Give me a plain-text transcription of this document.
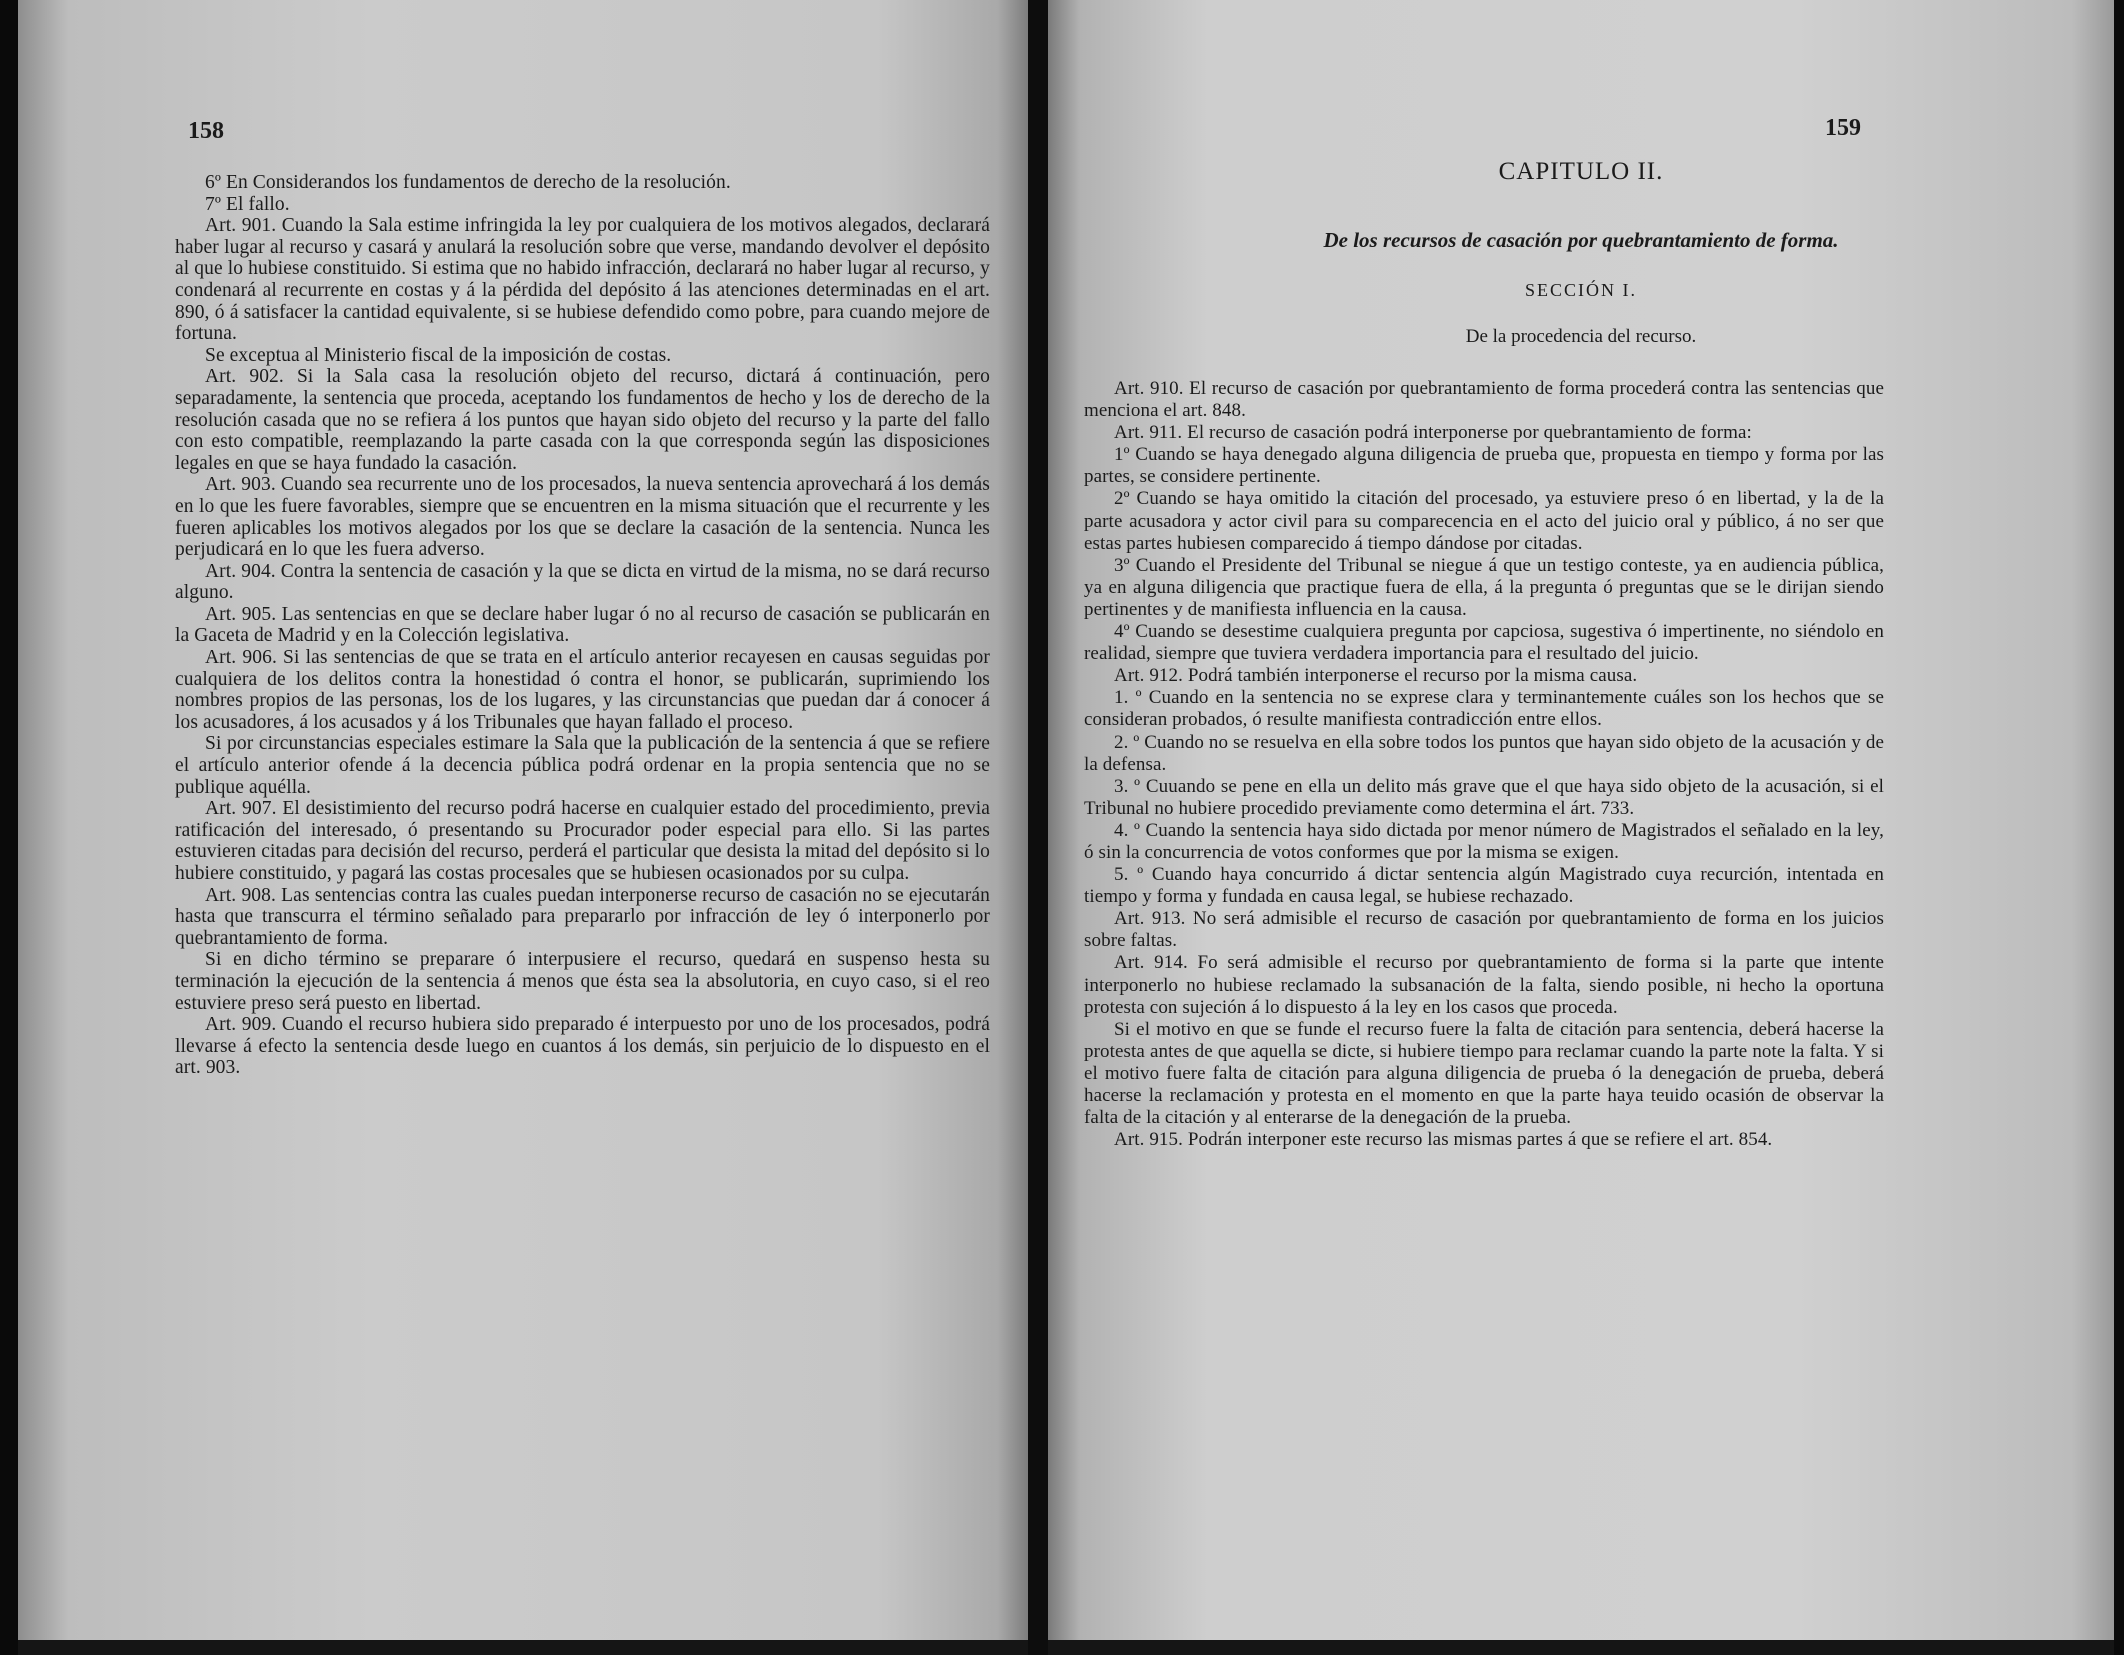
158

6º En Considerandos los fundamentos de derecho de la resolución.

7º El fallo.

Art. 901. Cuando la Sala estime infringida la ley por cualquiera de los motivos alegados, declarará haber lugar al recurso y casará y anulará la resolución sobre que verse, mandando devolver el depósito al que lo hubiese constituido. Si estima que no habido infracción, declarará no haber lugar al recurso, y condenará al recurrente en costas y á la pérdida del depósito á las atenciones determinadas en el art. 890, ó á satisfacer la cantidad equivalente, si se hubiese defendido como pobre, para cuando mejore de fortuna.

Se exceptua al Ministerio fiscal de la imposición de costas.

Art. 902. Si la Sala casa la resolución objeto del recurso, dictará á continuación, pero separadamente, la sentencia que proceda, aceptando los fundamentos de hecho y los de derecho de la resolución casada que no se refiera á los puntos que hayan sido objeto del recurso y la parte del fallo con esto compatible, reemplazando la parte casada con la que corresponda según las disposiciones legales en que se haya fundado la casación.

Art. 903. Cuando sea recurrente uno de los procesados, la nueva sentencia aprovechará á los demás en lo que les fuere favorables, siempre que se encuentren en la misma situación que el recurrente y les fueren aplicables los motivos alegados por los que se declare la casación de la sentencia. Nunca les perjudicará en lo que les fuera adverso.

Art. 904. Contra la sentencia de casación y la que se dicta en virtud de la misma, no se dará recurso alguno.

Art. 905. Las sentencias en que se declare haber lugar ó no al recurso de casación se publicarán en la Gaceta de Madrid y en la Colección legislativa.

Art. 906. Si las sentencias de que se trata en el artículo anterior recayesen en causas seguidas por cualquiera de los delitos contra la honestidad ó contra el honor, se publicarán, suprimiendo los nombres propios de las personas, los de los lugares, y las circunstancias que puedan dar á conocer á los acusadores, á los acusados y á los Tribunales que hayan fallado el proceso.

Si por circunstancias especiales estimare la Sala que la publicación de la sentencia á que se refiere el artículo anterior ofende á la decencia pública podrá ordenar en la propia sentencia que no se publique aquélla.

Art. 907. El desistimiento del recurso podrá hacerse en cualquier estado del procedimiento, previa ratificación del interesado, ó presentando su Procurador poder especial para ello. Si las partes estuvieren citadas para decisión del recurso, perderá el particular que desista la mitad del depósito si lo hubiere constituido, y pagará las costas procesales que se hubiesen ocasionados por su culpa.

Art. 908. Las sentencias contra las cuales puedan interponerse recurso de casación no se ejecutarán hasta que transcurra el término señalado para prepararlo por infracción de ley ó interponerlo por quebrantamiento de forma.

Si en dicho término se preparare ó interpusiere el recurso, quedará en suspenso hesta su terminación la ejecución de la sentencia á menos que ésta sea la absolutoria, en cuyo caso, si el reo estuviere preso será puesto en libertad.

Art. 909. Cuando el recurso hubiera sido preparado é interpuesto por uno de los procesados, podrá llevarse á efecto la sentencia desde luego en cuantos á los demás, sin perjuicio de lo dispuesto en el art. 903.

159
CAPITULO II.
De los recursos de casación por quebrantamiento de forma.
SECCIÓN I.
De la procedencia del recurso.

Art. 910. El recurso de casación por quebrantamiento de forma procederá contra las sentencias que menciona el art. 848.

Art. 911. El recurso de casación podrá interponerse por quebrantamiento de forma:

1º Cuando se haya denegado alguna diligencia de prueba que, propuesta en tiempo y forma por las partes, se considere pertinente.

2º Cuando se haya omitido la citación del procesado, ya estuviere preso ó en libertad, y la de la parte acusadora y actor civil para su comparecencia en el acto del juicio oral y público, á no ser que estas partes hubiesen comparecido á tiempo dándose por citadas.

3º Cuando el Presidente del Tribunal se niegue á que un testigo conteste, ya en audiencia pública, ya en alguna diligencia que practique fuera de ella, á la pregunta ó preguntas que se le dirijan siendo pertinentes y de manifiesta influencia en la causa.

4º Cuando se desestime cualquiera pregunta por capciosa, sugestiva ó impertinente, no siéndolo en realidad, siempre que tuviera verdadera importancia para el resultado del juicio.

Art. 912. Podrá también interponerse el recurso por la misma causa.

1. º Cuando en la sentencia no se exprese clara y terminantemente cuáles son los hechos que se consideran probados, ó resulte manifiesta contradicción entre ellos.

2. º Cuando no se resuelva en ella sobre todos los puntos que hayan sido objeto de la acusación y de la defensa.

3. º Cuuando se pene en ella un delito más grave que el que haya sido objeto de la acusación, si el Tribunal no hubiere procedido previamente como determina el árt. 733.

4. º Cuando la sentencia haya sido dictada por menor número de Magistrados el señalado en la ley, ó sin la concurrencia de votos conformes que por la misma se exigen.

5. º Cuando haya concurrido á dictar sentencia algún Magistrado cuya recurción, intentada en tiempo y forma y fundada en causa legal, se hubiese rechazado.

Art. 913. No será admisible el recurso de casación por quebrantamiento de forma en los juicios sobre faltas.

Art. 914. Fo será admisible el recurso por quebrantamiento de forma si la parte que intente interponerlo no hubiese reclamado la subsanación de la falta, siendo posible, ni hecho la oportuna protesta con sujeción á lo dispuesto á la ley en los casos que proceda.

Si el motivo en que se funde el recurso fuere la falta de citación para sentencia, deberá hacerse la protesta antes de que aquella se dicte, si hubiere tiempo para reclamar cuando la parte note la falta. Y si el motivo fuere falta de citación para alguna diligencia de prueba ó la denegación de prueba, deberá hacerse la reclamación y protesta en el momento en que la parte haya teuido ocasión de observar la falta de la citación y al enterarse de la denegación de la prueba.

Art. 915. Podrán interponer este recurso las mismas partes á que se refiere el art. 854.
